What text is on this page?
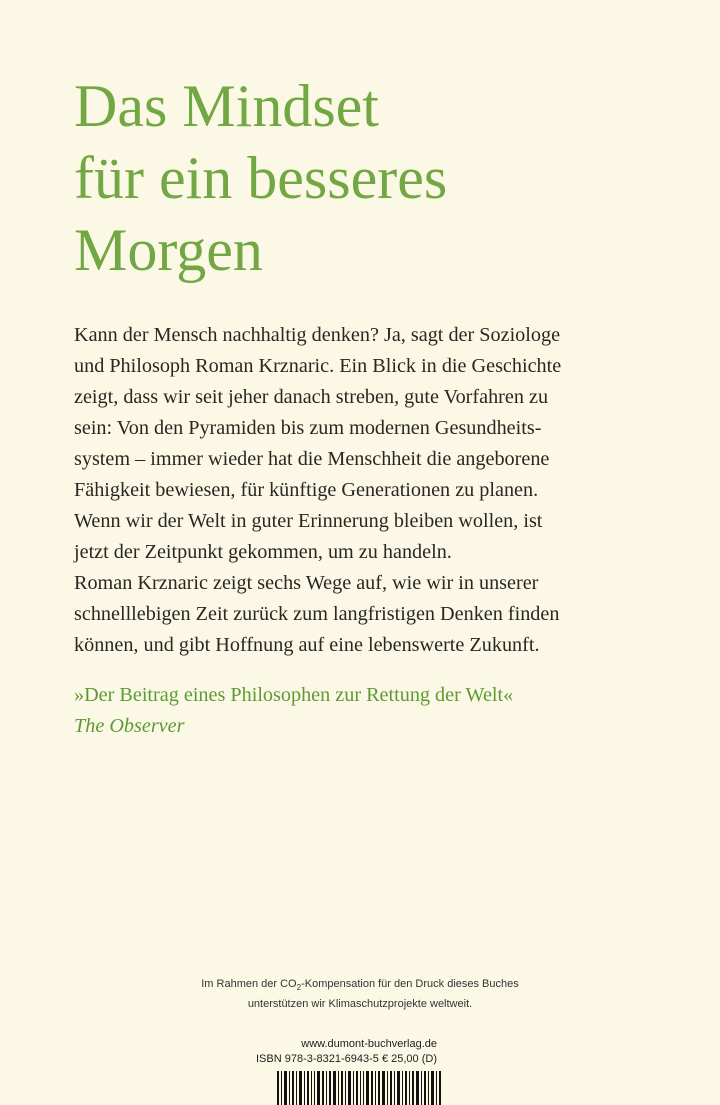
Das Mindset
für ein besseres
Morgen

Kann der Mensch nachhaltig denken? Ja, sagt der Soziologe
und Philosoph Roman Krznaric. Ein Blick in die Geschichte
zeigt, dass wir seit jeher danach streben, gute Vorfahren zu
sein: Von den Pyramiden bis zum modernen Gesundheits-
system – immer wieder hat die Menschheit die angeborene
Fähigkeit bewiesen, für künftige Generationen zu planen.
Wenn wir der Welt in guter Erinnerung bleiben wollen, ist
jetzt der Zeitpunkt gekommen, um zu handeln.

Roman Krznaric zeigt sechs Wege auf, wie wir in unserer
schnelllebigen Zeit zurück zum langfristigen Denken finden
können, und gibt Hoffnung auf eine lebenswerte Zukunft.

»Der Beitrag eines Philosophen zur Rettung der Welt«
The Observer

Im Rahmen der $CO_2$-Kompensation für den Druck dieses Buches
unterstützen wir Klimaschutzprojekte weltweit.
www.dumont-buchverlag.de
ISBN 978-3-8321-6943-5 € 25,00 (D)
